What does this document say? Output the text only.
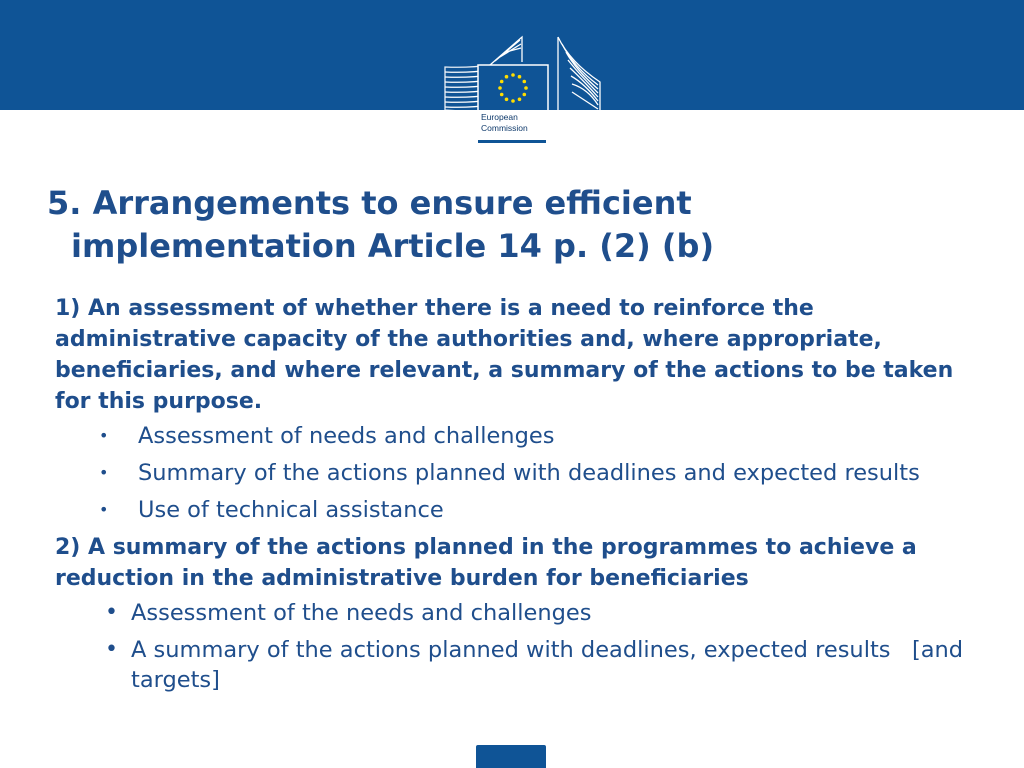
European
Commission
5. Arrangements to ensure efficient
implementation Article 14 p. (2) (b)

1) An assessment of whether there is a need to reinforce the administrative capacity of the authorities and, where appropriate, beneficiaries, and where relevant, a summary of the actions to be taken for this purpose.

• Assessment of needs and challenges
• Summary of the actions planned with deadlines and expected results
• Use of technical assistance

2) A summary of the actions planned in the programmes to achieve a reduction in the administrative burden for beneficiaries

• Assessment of the needs and challenges
• A summary of the actions planned with deadlines, expected results   [and targets]
